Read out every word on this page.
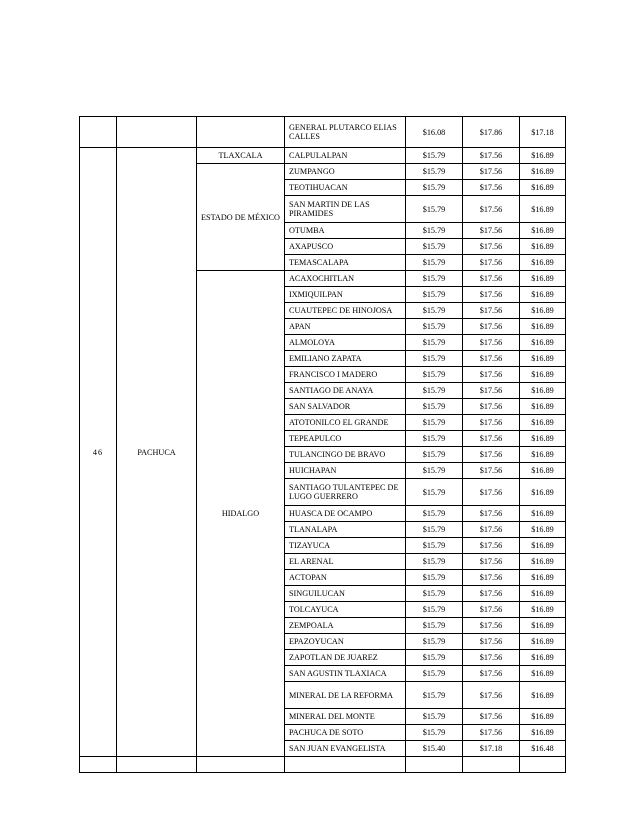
			GENERAL PLUTARCO ELIAS CALLES	$16.08	$17.86	$17.18
46	PACHUCA	TLAXCALA	CALPULALPAN	$15.79	$17.56	$16.89
		ESTADO DE MÉXICO	ZUMPANGO	$15.79	$17.56	$16.89
			TEOTIHUACAN	$15.79	$17.56	$16.89
			SAN MARTIN DE LAS PIRAMIDES	$15.79	$17.56	$16.89
			OTUMBA	$15.79	$17.56	$16.89
			AXAPUSCO	$15.79	$17.56	$16.89
			TEMASCALAPA	$15.79	$17.56	$16.89
		HIDALGO	ACAXOCHITLAN	$15.79	$17.56	$16.89
			IXMIQUILPAN	$15.79	$17.56	$16.89
			CUAUTEPEC DE HINOJOSA	$15.79	$17.56	$16.89
			APAN	$15.79	$17.56	$16.89
			ALMOLOYA	$15.79	$17.56	$16.89
			EMILIANO ZAPATA	$15.79	$17.56	$16.89
			FRANCISCO I MADERO	$15.79	$17.56	$16.89
			SANTIAGO DE ANAYA	$15.79	$17.56	$16.89
			SAN SALVADOR	$15.79	$17.56	$16.89
			ATOTONILCO EL GRANDE	$15.79	$17.56	$16.89
			TEPEAPULCO	$15.79	$17.56	$16.89
			TULANCINGO DE BRAVO	$15.79	$17.56	$16.89
			HUICHAPAN	$15.79	$17.56	$16.89
			SANTIAGO TULANTEPEC DE LUGO GUERRERO	$15.79	$17.56	$16.89
			HUASCA DE OCAMPO	$15.79	$17.56	$16.89
			TLANALAPA	$15.79	$17.56	$16.89
			TIZAYUCA	$15.79	$17.56	$16.89
			EL ARENAL	$15.79	$17.56	$16.89
			ACTOPAN	$15.79	$17.56	$16.89
			SINGUILUCAN	$15.79	$17.56	$16.89
			TOLCAYUCA	$15.79	$17.56	$16.89
			ZEMPOALA	$15.79	$17.56	$16.89
			EPAZOYUCAN	$15.79	$17.56	$16.89
			ZAPOTLAN DE JUAREZ	$15.79	$17.56	$16.89
			SAN AGUSTIN TLAXIACA	$15.79	$17.56	$16.89
			MINERAL DE LA REFORMA	$15.79	$17.56	$16.89
			MINERAL DEL MONTE	$15.79	$17.56	$16.89
			PACHUCA DE SOTO	$15.79	$17.56	$16.89
			SAN JUAN EVANGELISTA	$15.40	$17.18	$16.48
